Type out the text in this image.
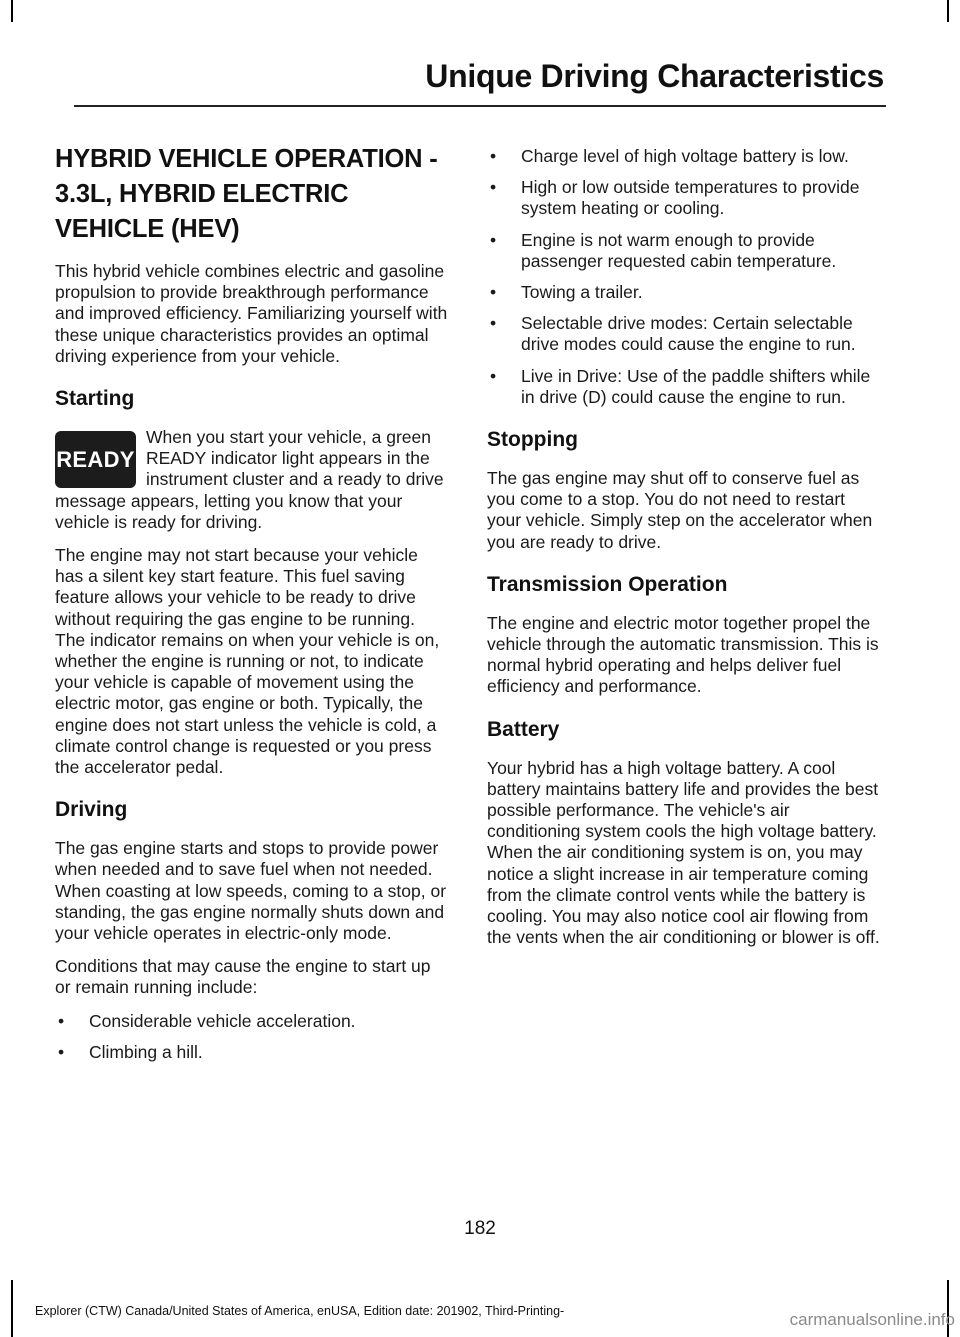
Unique Driving Characteristics
HYBRID VEHICLE OPERATION - 3.3L, HYBRID ELECTRIC VEHICLE (HEV)

This hybrid vehicle combines electric and gasoline propulsion to provide breakthrough performance and improved efficiency. Familiarizing yourself with these unique characteristics provides an optimal driving experience from your vehicle.

Starting
READY

When you start your vehicle, a green READY indicator light appears in the instrument cluster and a ready to drive message appears, letting you know that your vehicle is ready for driving.

The engine may not start because your vehicle has a silent key start feature. This fuel saving feature allows your vehicle to be ready to drive without requiring the gas engine to be running. The indicator remains on when your vehicle is on, whether the engine is running or not, to indicate your vehicle is capable of movement using the electric motor, gas engine or both. Typically, the engine does not start unless the vehicle is cold, a climate control change is requested or you press the accelerator pedal.

Driving

The gas engine starts and stops to provide power when needed and to save fuel when not needed. When coasting at low speeds, coming to a stop, or standing, the gas engine normally shuts down and your vehicle operates in electric-only mode.

Conditions that may cause the engine to start up or remain running include:

• Considerable vehicle acceleration.
• Climbing a hill.
• Charge level of high voltage battery is low.
• High or low outside temperatures to provide system heating or cooling.
• Engine is not warm enough to provide passenger requested cabin temperature.
• Towing a trailer.
• Selectable drive modes: Certain selectable drive modes could cause the engine to run.
• Live in Drive: Use of the paddle shifters while in drive (D) could cause the engine to run.
Stopping

The gas engine may shut off to conserve fuel as you come to a stop. You do not need to restart your vehicle. Simply step on the accelerator when you are ready to drive.

Transmission Operation

The engine and electric motor together propel the vehicle through the automatic transmission. This is normal hybrid operating and helps deliver fuel efficiency and performance.

Battery

Your hybrid has a high voltage battery. A cool battery maintains battery life and provides the best possible performance. The vehicle's air conditioning system cools the high voltage battery. When the air conditioning system is on, you may notice a slight increase in air temperature coming from the climate control vents while the battery is cooling. You may also notice cool air flowing from the vents when the air conditioning or blower is off.

182
Explorer (CTW) Canada/United States of America, enUSA, Edition date: 201902, Third-Printing-	carmanualsonline.info
